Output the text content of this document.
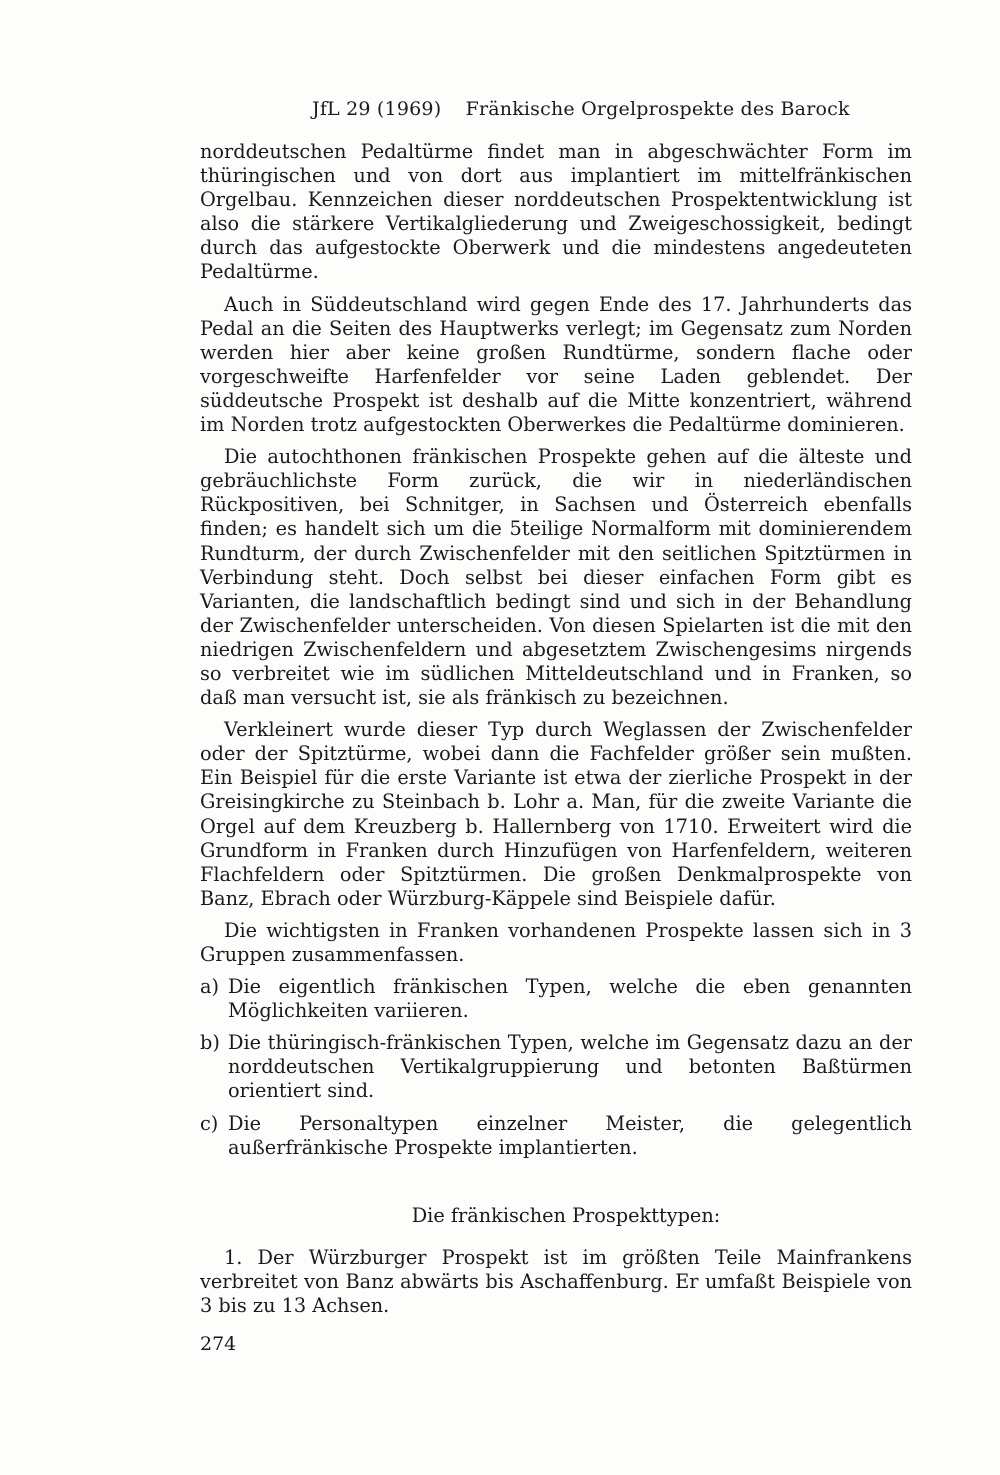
JfL 29 (1969) Fränkische Orgelprospekte des Barock

norddeutschen Pedaltürme findet man in abgeschwächter Form im thüringischen und von dort aus implantiert im mittelfränkischen Orgelbau. Kennzeichen dieser norddeutschen Prospektentwicklung ist also die stärkere Vertikalgliederung und Zweigeschossigkeit, bedingt durch das aufgestockte Oberwerk und die mindestens angedeuteten Pedaltürme.

Auch in Süddeutschland wird gegen Ende des 17. Jahrhunderts das Pedal an die Seiten des Hauptwerks verlegt; im Gegensatz zum Norden werden hier aber keine großen Rundtürme, sondern flache oder vorgeschweifte Harfenfelder vor seine Laden geblendet. Der süddeutsche Prospekt ist deshalb auf die Mitte konzentriert, während im Norden trotz aufgestockten Oberwerkes die Pedaltürme dominieren.

Die autochthonen fränkischen Prospekte gehen auf die älteste und gebräuchlichste Form zurück, die wir in niederländischen Rückpositiven, bei Schnitger, in Sachsen und Österreich ebenfalls finden; es handelt sich um die 5teilige Normalform mit dominierendem Rundturm, der durch Zwischenfelder mit den seitlichen Spitztürmen in Verbindung steht. Doch selbst bei dieser einfachen Form gibt es Varianten, die landschaftlich bedingt sind und sich in der Behandlung der Zwischenfelder unterscheiden. Von diesen Spielarten ist die mit den niedrigen Zwischenfeldern und abgesetztem Zwischengesims nirgends so verbreitet wie im südlichen Mitteldeutschland und in Franken, so daß man versucht ist, sie als fränkisch zu bezeichnen.

Verkleinert wurde dieser Typ durch Weglassen der Zwischenfelder oder der Spitztürme, wobei dann die Fachfelder größer sein mußten. Ein Beispiel für die erste Variante ist etwa der zierliche Prospekt in der Greisingkirche zu Steinbach b. Lohr a. Man, für die zweite Variante die Orgel auf dem Kreuzberg b. Hallernberg von 1710. Erweitert wird die Grundform in Franken durch Hinzufügen von Harfenfeldern, weiteren Flachfeldern oder Spitztürmen. Die großen Denkmalprospekte von Banz, Ebrach oder Würzburg-Käppele sind Beispiele dafür.

Die wichtigsten in Franken vorhandenen Prospekte lassen sich in 3 Gruppen zusammenfassen.

a) Die eigentlich fränkischen Typen, welche die eben genannten Möglichkeiten variieren.
b) Die thüringisch-fränkischen Typen, welche im Gegensatz dazu an der norddeutschen Vertikalgruppierung und betonten Baßtürmen orientiert sind.
c) Die Personaltypen einzelner Meister, die gelegentlich außerfränkische Prospekte implantierten.
Die fränkischen Prospekttypen:

1. Der Würzburger Prospekt ist im größten Teile Mainfrankens verbreitet von Banz abwärts bis Aschaffenburg. Er umfaßt Beispiele von 3 bis zu 13 Achsen.

274
